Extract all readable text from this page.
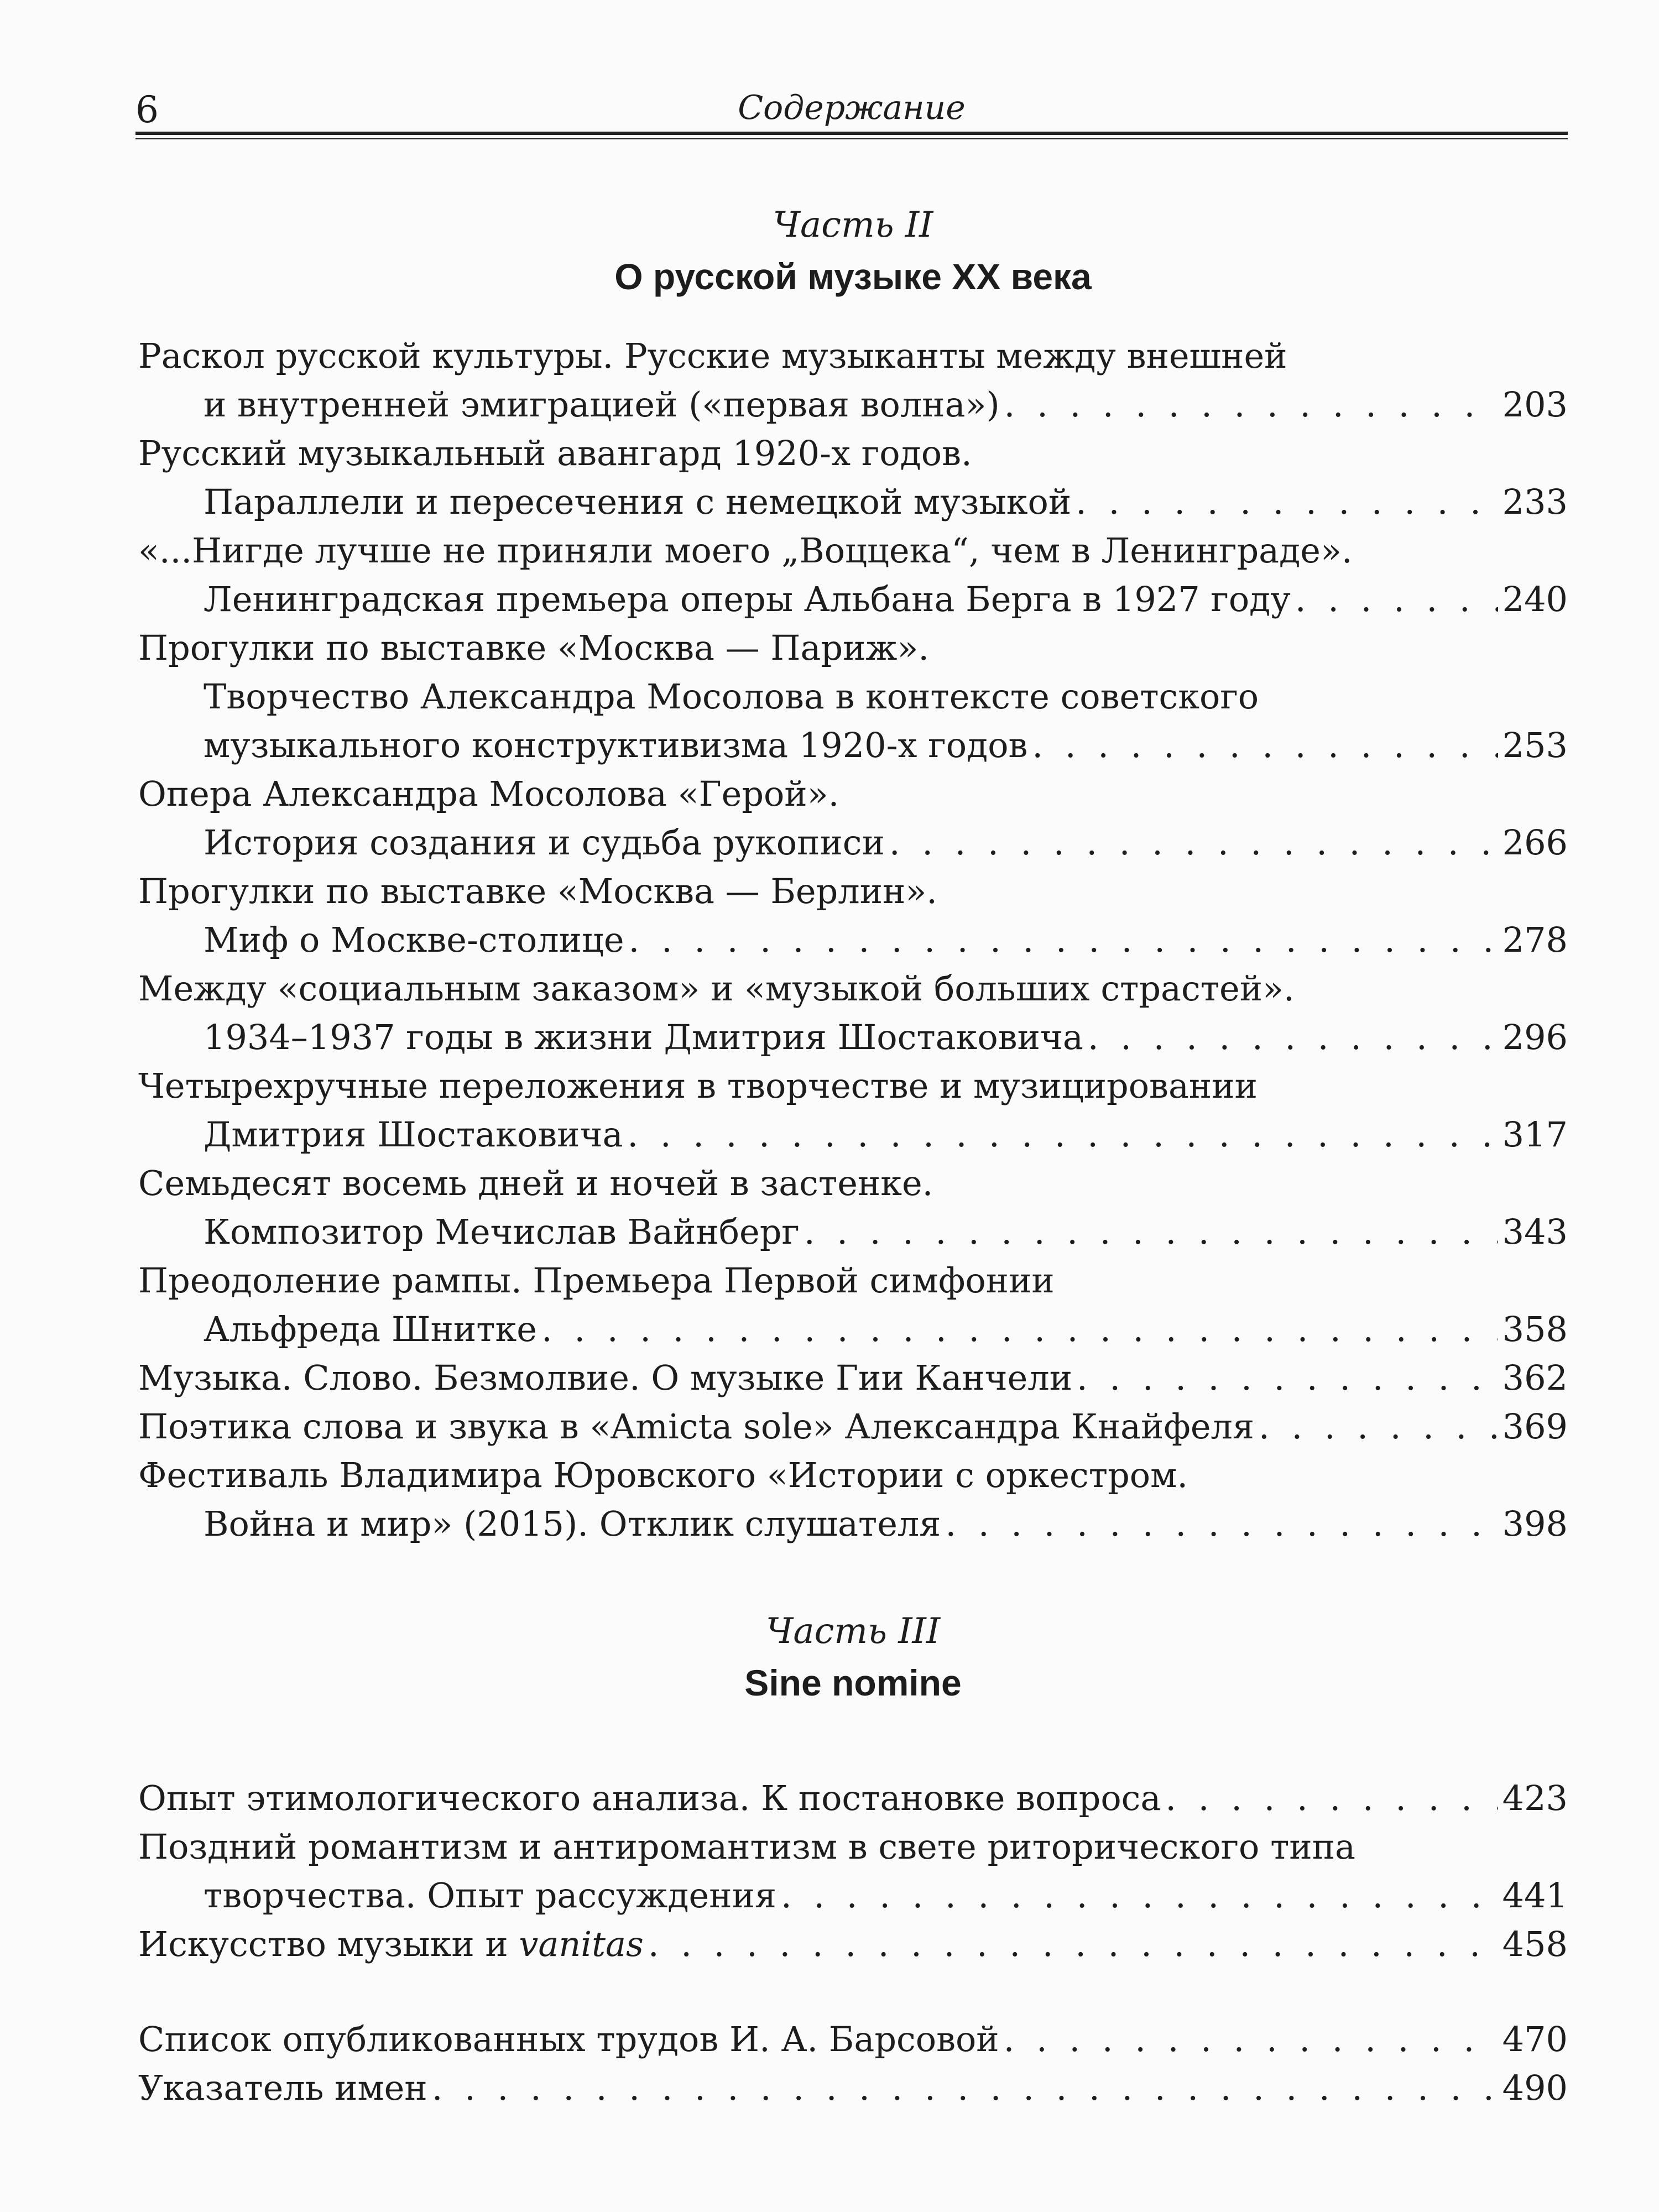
6	Содержание
Часть II
О русской музыке XX века
Раскол русской культуры. Русские музыканты между внешней
и внутренней эмиграцией («первая волна») . . .	203
Русский музыкальный авангард 1920-х годов.
Параллели и пересечения с немецкой музыкой . . .	233
«...Нигде лучше не приняли моего „Воццека“, чем в Ленинграде».
Ленинградская премьера оперы Альбана Берга в 1927 году . . .	240
Прогулки по выставке «Москва — Париж».
Творчество Александра Мосолова в контексте советского
музыкального конструктивизма 1920-х годов . . .	253
Опера Александра Мосолова «Герой».
История создания и судьба рукописи . . .	266
Прогулки по выставке «Москва — Берлин».
Миф о Москве-столице . . .	278
Между «социальным заказом» и «музыкой больших страстей».
1934–1937 годы в жизни Дмитрия Шостаковича . . .	296
Четырехручные переложения в творчестве и музицировании
Дмитрия Шостаковича . . .	317
Семьдесят восемь дней и ночей в застенке.
Композитор Мечислав Вайнберг . . .	343
Преодоление рампы. Премьера Первой симфонии
Альфреда Шнитке . . .	358
Музыка. Слово. Безмолвие. О музыке Гии Канчели . . .	362
Поэтика слова и звука в «Amicta sole» Александра Кнайфеля . . .	369
Фестиваль Владимира Юровского «Истории с оркестром.
Война и мир» (2015). Отклик слушателя . . .	398
Часть III
Sine nomine
Опыт этимологического анализа. К постановке вопроса . . .	423
Поздний романтизм и антиромантизм в свете риторического типа
творчества. Опыт рассуждения . . .	441
Искусство музыки и vanitas . . .	458
Список опубликованных трудов И. А. Барсовой . . .	470
Указатель имен . . .	490
